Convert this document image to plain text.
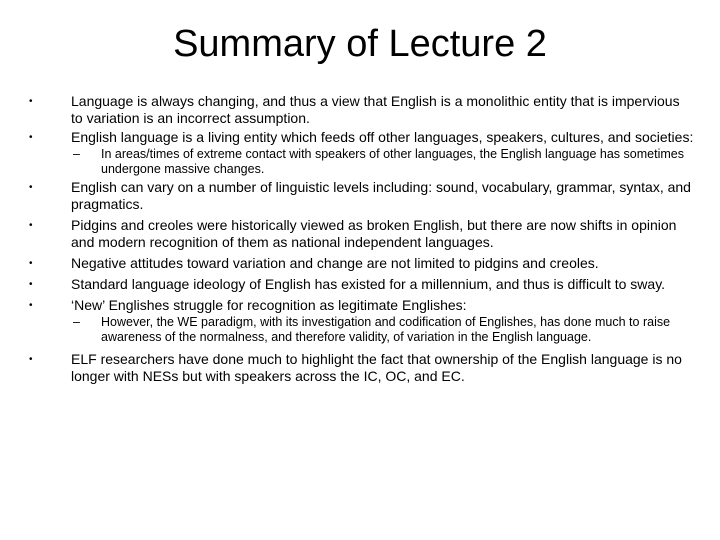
Summary of Lecture 2
•	Language is always changing, and thus a view that English is a monolithic entity that is impervious to variation is an incorrect assumption.
•	English language is a living entity which feeds off other languages, speakers, cultures, and societies:
– In areas/times of extreme contact with speakers of other languages, the English language has sometimes undergone massive changes.
•	English can vary on a number of linguistic levels including: sound, vocabulary, grammar, syntax, and pragmatics.
•	Pidgins and creoles were historically viewed as broken English, but there are now shifts in opinion and modern recognition of them as national independent languages.
•	Negative attitudes toward variation and change are not limited to pidgins and creoles.
•	Standard language ideology of English has existed for a millennium, and thus is difficult to sway.
•	‘New’ Englishes struggle for recognition as legitimate Englishes:
– However, the WE paradigm, with its investigation and codification of Englishes, has done much to raise awareness of the normalness, and therefore validity, of variation in the English language.
•	ELF researchers have done much to highlight the fact that ownership of the English language is no longer with NESs but with speakers across the IC, OC, and EC.
